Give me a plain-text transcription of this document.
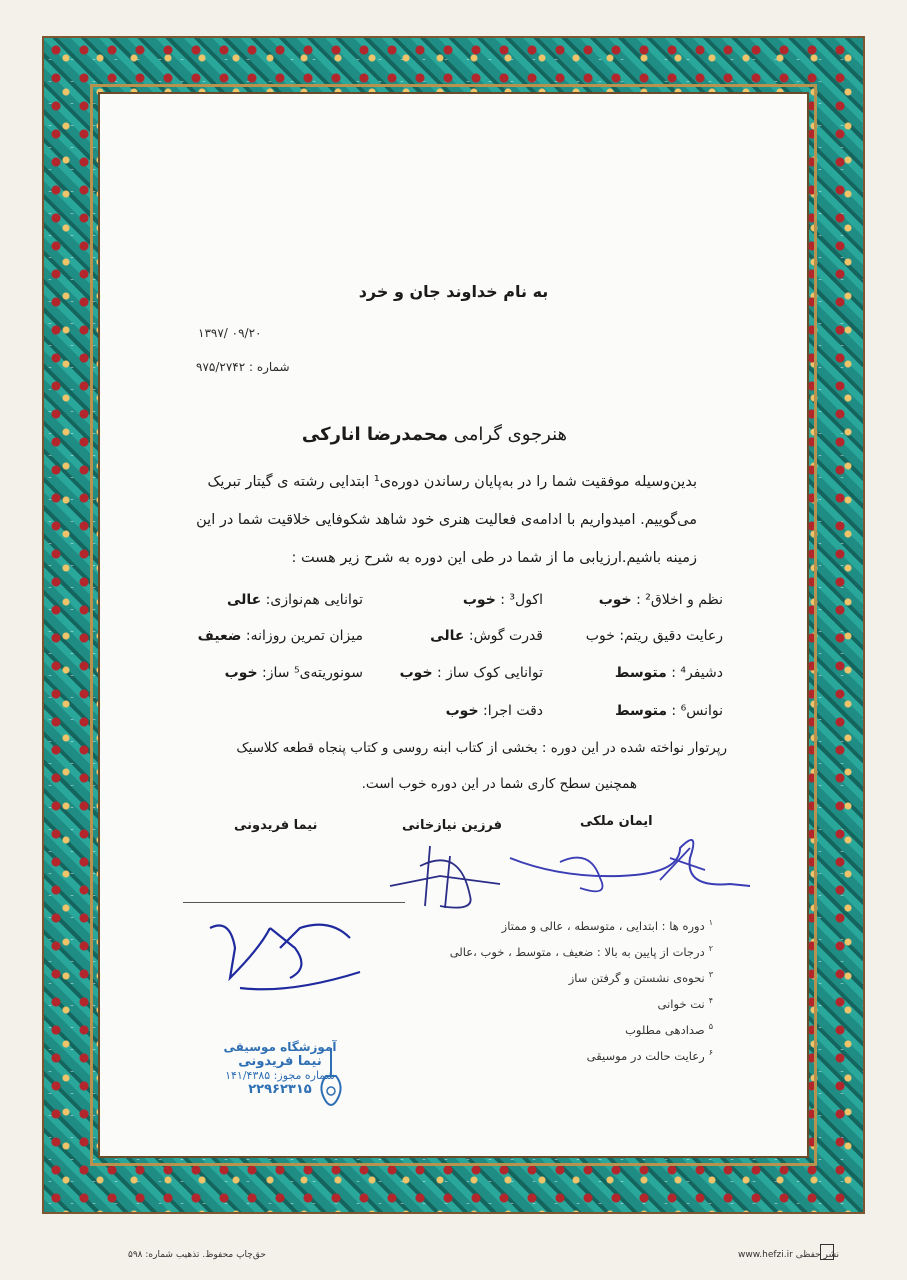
به نام خداوند جان و خرد
۱۳۹۷/ ۰۹/۲۰
شماره : ۹۷۵/۲۷۴۲
هنرجوی گرامی محمدرضا انارکی
بدین‌وسیله موفقیت شما را در به‌پایان رساندن دوره‌ی¹ ابتدایی رشته ی گیتار تبریک
می‌گوییم. امیدواریم با ادامه‌ی فعالیت هنری خود شاهد شکوفایی خلاقیت شما در این
زمینه باشیم.ارزیابی ما از شما در طی این دوره به شرح زیر هست :
نظم و اخلاق² : خوب
اکول³ : خوب
توانایی هم‌نوازی: عالی
رعایت دقیق ریتم: خوب
قدرت گوش: عالی
میزان تمرین روزانه: ضعیف
دشیفر⁴ : متوسط
توانایی کوک ساز : خوب
سونوریته‌ی⁵ ساز: خوب
نوانس⁶ : متوسط
دقت اجرا: خوب
رپرتوار نواخته شده در این دوره : بخشی از کتاب ابنه روسی و کتاب پنجاه قطعه کلاسیک
همچنین سطح کاری شما در این دوره خوب است.
ایمان ملکی
فرزین نیازخانی
نیما فریدونی
$^۱$دوره ها : ابتدایی ، متوسطه ، عالی و ممتاز
$^۲$درجات از پایین به بالا : ضعیف ، متوسط ، خوب ،عالی
$^۳$نحوه‌ی نشستن و گرفتن ساز
$^۴$نت خوانی
$^۵$صدادهی مطلوب
$^۶$رعایت حالت در موسیقی
آموزشگاه موسیقی
نیما فریدونی
شماره مجوز: ۱۴۱/۴۳۸۵
۲۲۹۶۲۳۱۵
نشر حفظی www.hefzi.ir
حق‌چاپ محفوظ. تذهیب شماره: ۵۹۸
